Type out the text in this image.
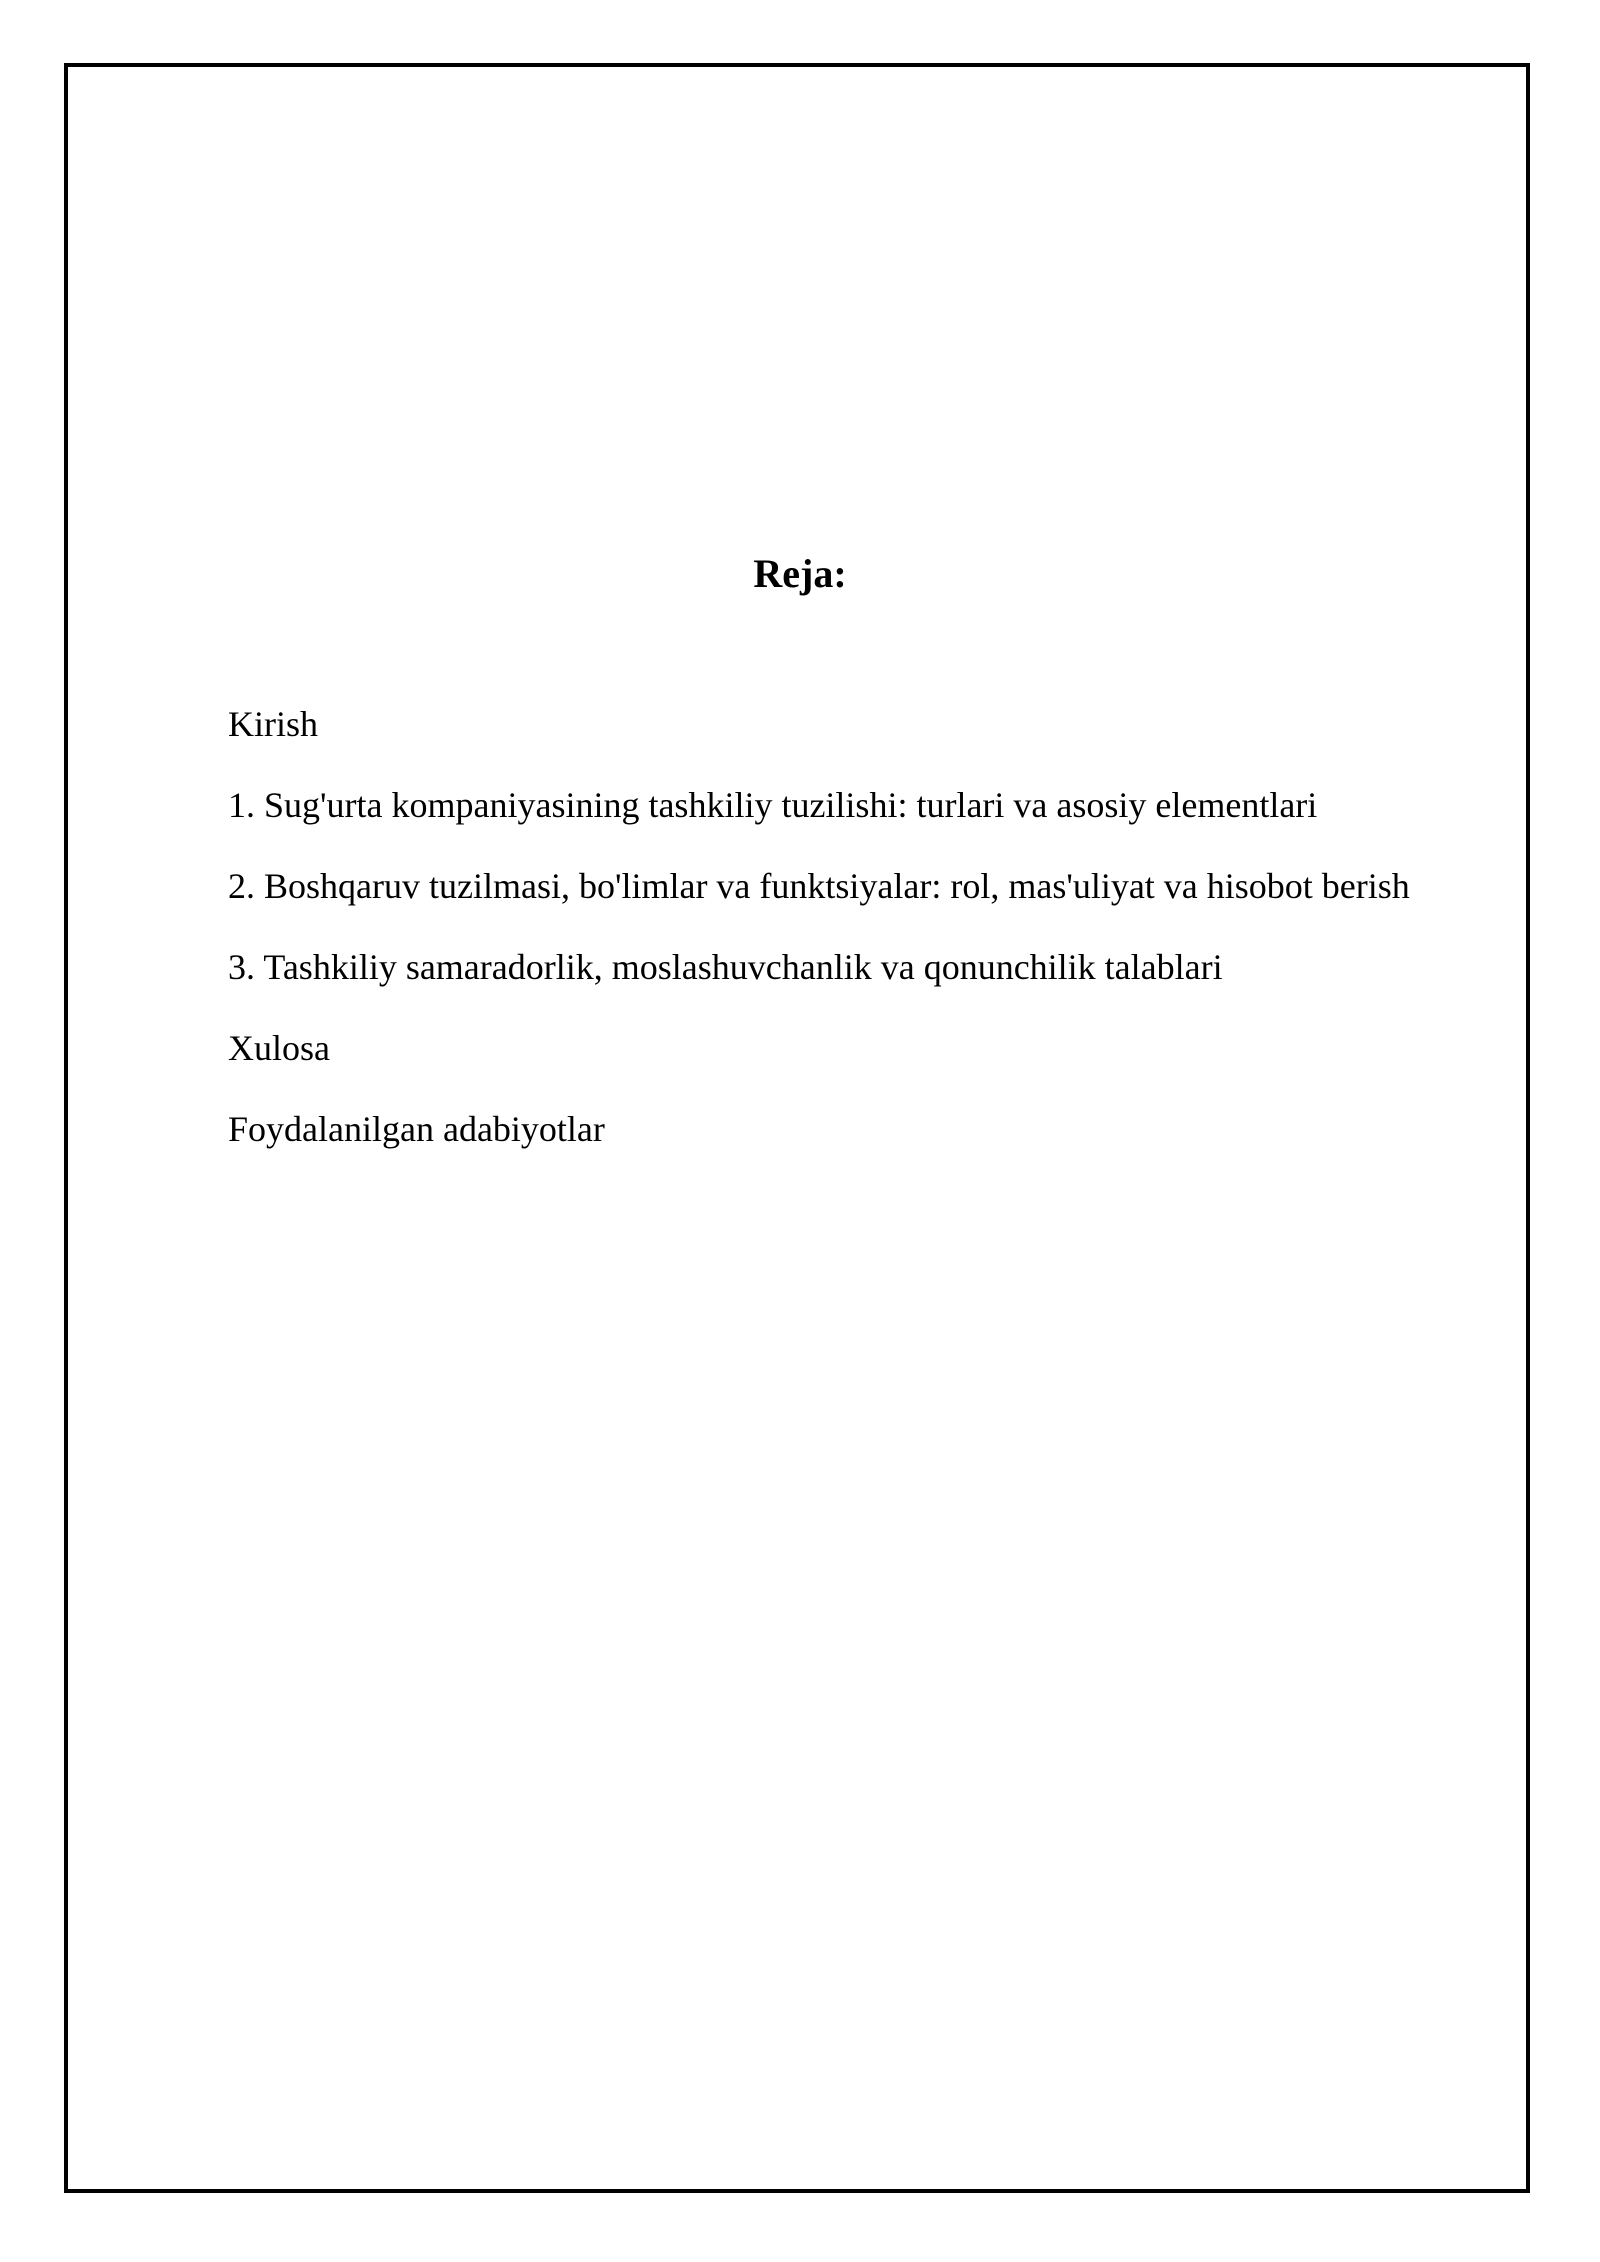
Reja:
Kirish
1. Sug'urta kompaniyasining tashkiliy tuzilishi: turlari va asosiy elementlari
2. Boshqaruv tuzilmasi, bo'limlar va funktsiyalar: rol, mas'uliyat va hisobot berish
3. Tashkiliy samaradorlik, moslashuvchanlik va qonunchilik talablari
Xulosa
Foydalanilgan adabiyotlar
